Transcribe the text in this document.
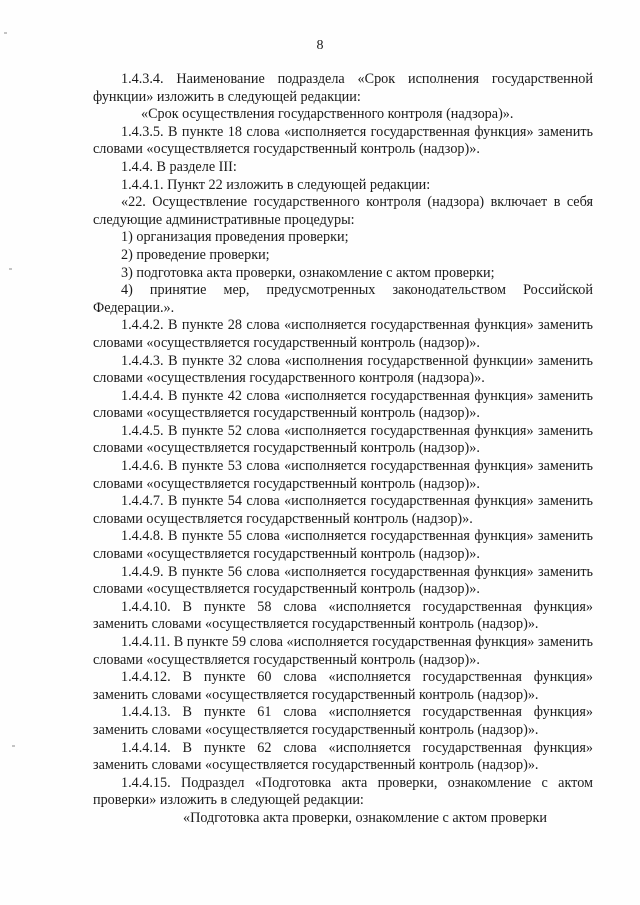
8

1.4.3.4. Наименование подраздела «Срок исполнения государственной функции» изложить в следующей редакции:

«Срок осуществления государственного контроля (надзора)».

1.4.3.5. В пункте 18 слова «исполняется государственная функция» заменить словами «осуществляется государственный контроль (надзор)».

1.4.4. В разделе III:

1.4.4.1. Пункт 22 изложить в следующей редакции:

«22. Осуществление государственного контроля (надзора) включает в себя следующие административные процедуры:

1) организация проведения проверки;

2) проведение проверки;

3) подготовка акта проверки, ознакомление с актом проверки;

4) принятие мер, предусмотренных законодательством Российской Федерации.».

1.4.4.2. В пункте 28 слова «исполняется государственная функция» заменить словами «осуществляется государственный контроль (надзор)».

1.4.4.3. В пункте 32 слова «исполнения государственной функции» заменить словами «осуществления государственного контроля (надзора)».

1.4.4.4. В пункте 42 слова «исполняется государственная функция» заменить словами «осуществляется государственный контроль (надзор)».

1.4.4.5. В пункте 52 слова «исполняется государственная функция» заменить словами «осуществляется государственный контроль (надзор)».

1.4.4.6. В пункте 53 слова «исполняется государственная функция» заменить словами «осуществляется государственный контроль (надзор)».

1.4.4.7. В пункте 54 слова «исполняется государственная функция» заменить словами осуществляется государственный контроль (надзор)».

1.4.4.8. В пункте 55 слова «исполняется государственная функция» заменить словами «осуществляется государственный контроль (надзор)».

1.4.4.9. В пункте 56 слова «исполняется государственная функция» заменить словами «осуществляется государственный контроль (надзор)».

1.4.4.10. В пункте 58 слова «исполняется государственная функция» заменить словами «осуществляется государственный контроль (надзор)».

1.4.4.11. В пункте 59 слова «исполняется государственная функция» заменить словами «осуществляется государственный контроль (надзор)».

1.4.4.12. В пункте 60 слова «исполняется государственная функция» заменить словами «осуществляется государственный контроль (надзор)».

1.4.4.13. В пункте 61 слова «исполняется государственная функция» заменить словами «осуществляется государственный контроль (надзор)».

1.4.4.14. В пункте 62 слова «исполняется государственная функция» заменить словами «осуществляется государственный контроль (надзор)».

1.4.4.15. Подраздел «Подготовка акта проверки, ознакомление с актом проверки» изложить в следующей редакции:

«Подготовка акта проверки, ознакомление с актом проверки
